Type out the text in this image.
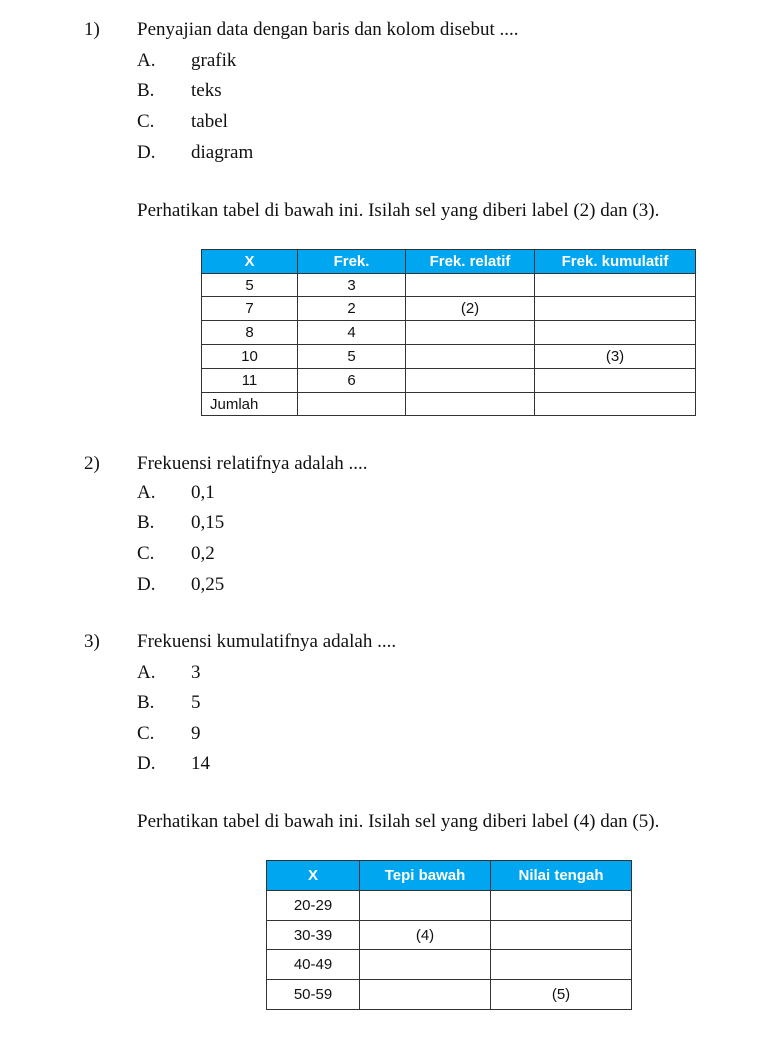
1) Penyajian data dengan baris dan kolom disebut ....
A. grafik
B. teks
C. tabel
D. diagram
Perhatikan tabel di bawah ini. Isilah sel yang diberi label (2) dan (3).
X	Frek.	Frek. relatif	Frek. kumulatif
5	3		
7	2	(2)	
8	4		
10	5		(3)
11	6		
Jumlah			
2) Frekuensi relatifnya adalah ....
A. 0,1
B. 0,15
C. 0,2
D. 0,25
3) Frekuensi kumulatifnya adalah ....
A. 3
B. 5
C. 9
D. 14
Perhatikan tabel di bawah ini. Isilah sel yang diberi label (4) dan (5).
X	Tepi bawah	Nilai tengah
20-29		
30-39	(4)	
40-49		
50-59		(5)
